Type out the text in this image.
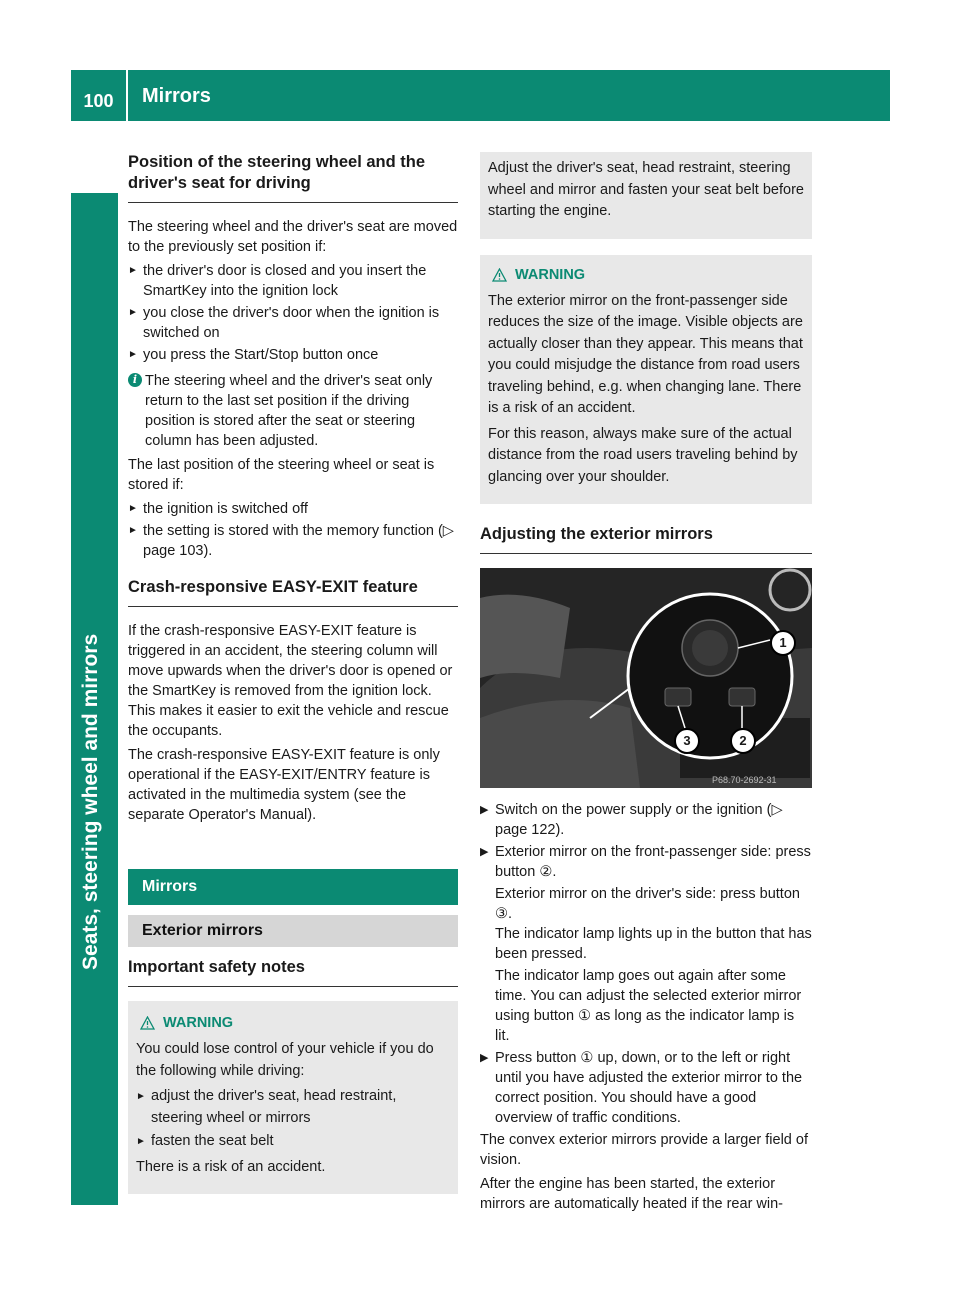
100	Mirrors
Position of the steering wheel and the driver's seat for driving

The steering wheel and the driver's seat are moved to the previously set position if:

► the driver's door is closed and you insert the SmartKey into the ignition lock
► you close the driver's door when the ignition is switched on
► you press the Start/Stop button once
i The steering wheel and the driver's seat only return to the last set position if the driving position is stored after the seat or steering column has been adjusted.

The last position of the steering wheel or seat is stored if:

► the ignition is switched off
► the setting is stored with the memory function (▷ page 103).
Crash-responsive EASY-EXIT feature

If the crash-responsive EASY-EXIT feature is triggered in an accident, the steering column will move upwards when the driver's door is opened or the SmartKey is removed from the ignition lock. This makes it easier to exit the vehicle and rescue the occupants.

The crash-responsive EASY-EXIT feature is only operational if the EASY-EXIT/ENTRY feature is activated in the multimedia system (see the separate Operator's Manual).

Mirrors
Exterior mirrors
Important safety notes
WARNING

You could lose control of your vehicle if you do the following while driving:

► adjust the driver's seat, head restraint, steering wheel or mirrors
► fasten the seat belt

There is a risk of an accident.

Adjust the driver's seat, head restraint, steering wheel and mirror and fasten your seat belt before starting the engine.

WARNING

The exterior mirror on the front-passenger side reduces the size of the image. Visible objects are actually closer than they appear. This means that you could misjudge the distance from road users traveling behind, e.g. when changing lane. There is a risk of an accident.

For this reason, always make sure of the actual distance from the road users traveling behind by glancing over your shoulder.

Adjusting the exterior mirrors
P68.70-2692-31
1
2
3
▶ Switch on the power supply or the ignition (▷ page 122).
▶ Exterior mirror on the front-passenger side: press button ②.
Exterior mirror on the driver's side: press button ③.
The indicator lamp lights up in the button that has been pressed.
The indicator lamp goes out again after some time. You can adjust the selected exterior mirror using button ① as long as the indicator lamp is lit.
▶ Press button ① up, down, or to the left or right until you have adjusted the exterior mirror to the correct position. You should have a good overview of traffic conditions.

The convex exterior mirrors provide a larger field of vision.

After the engine has been started, the exterior mirrors are automatically heated if the rear win-
